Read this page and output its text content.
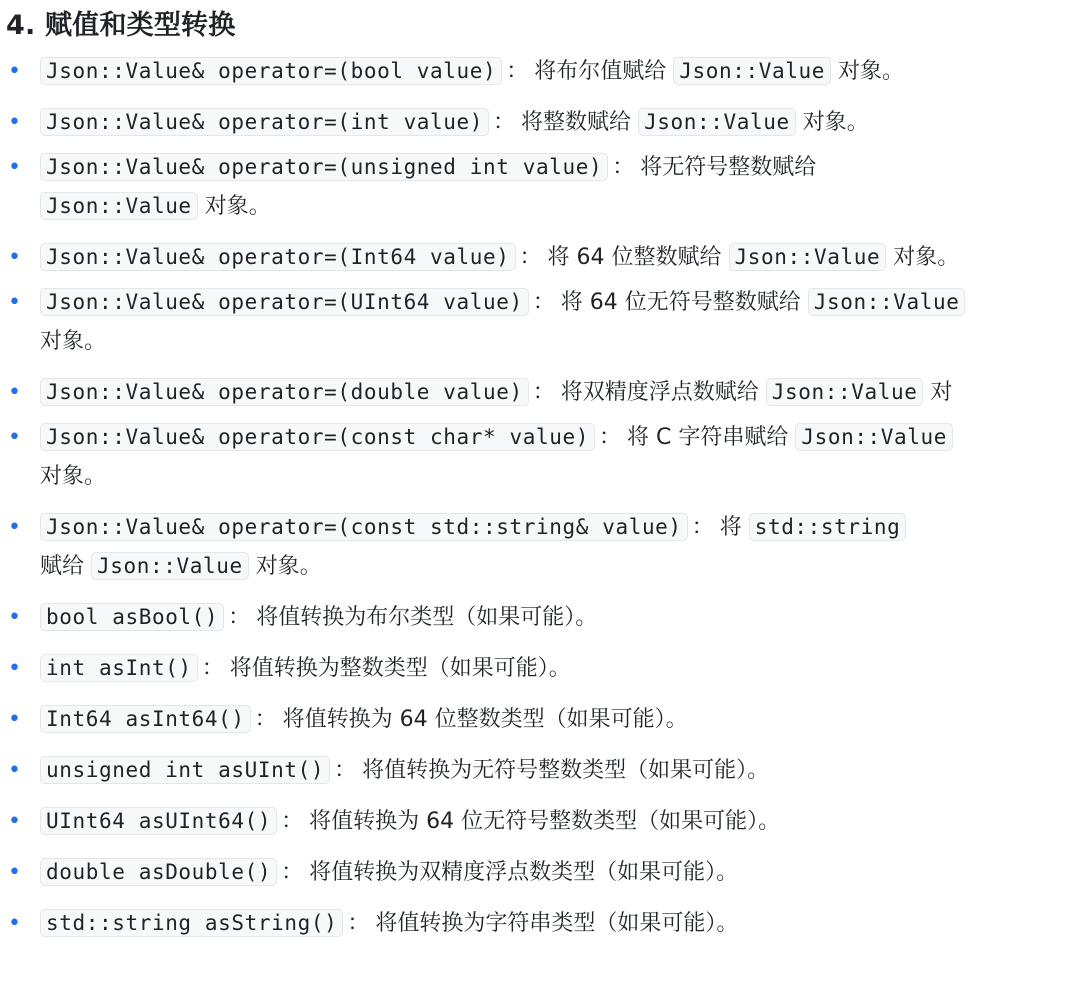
4. 赋值和类型转换
• Json::Value& operator=(bool value) ： 将布尔值赋给 Json::Value 对象。
• Json::Value& operator=(int value) ： 将整数赋给 Json::Value 对象。
• Json::Value& operator=(unsigned int value) ： 将无符号整数赋给
Json::Value 对象。
• Json::Value& operator=(Int64 value) ： 将 64 位整数赋给 Json::Value 对象。
• Json::Value& operator=(UInt64 value) ： 将 64 位无符号整数赋给 Json::Value
对象。
• Json::Value& operator=(double value) ： 将双精度浮点数赋给 Json::Value 对
• Json::Value& operator=(const char* value) ： 将 C 字符串赋给 Json::Value
对象。
• Json::Value& operator=(const std::string& value) ： 将 std::string
赋给 Json::Value 对象。
• bool asBool() ： 将值转换为布尔类型（如果可能）。
• int asInt() ： 将值转换为整数类型（如果可能）。
• Int64 asInt64() ： 将值转换为 64 位整数类型（如果可能）。
• unsigned int asUInt() ： 将值转换为无符号整数类型（如果可能）。
• UInt64 asUInt64() ： 将值转换为 64 位无符号整数类型（如果可能）。
• double asDouble() ： 将值转换为双精度浮点数类型（如果可能）。
• std::string asString() ： 将值转换为字符串类型（如果可能）。
